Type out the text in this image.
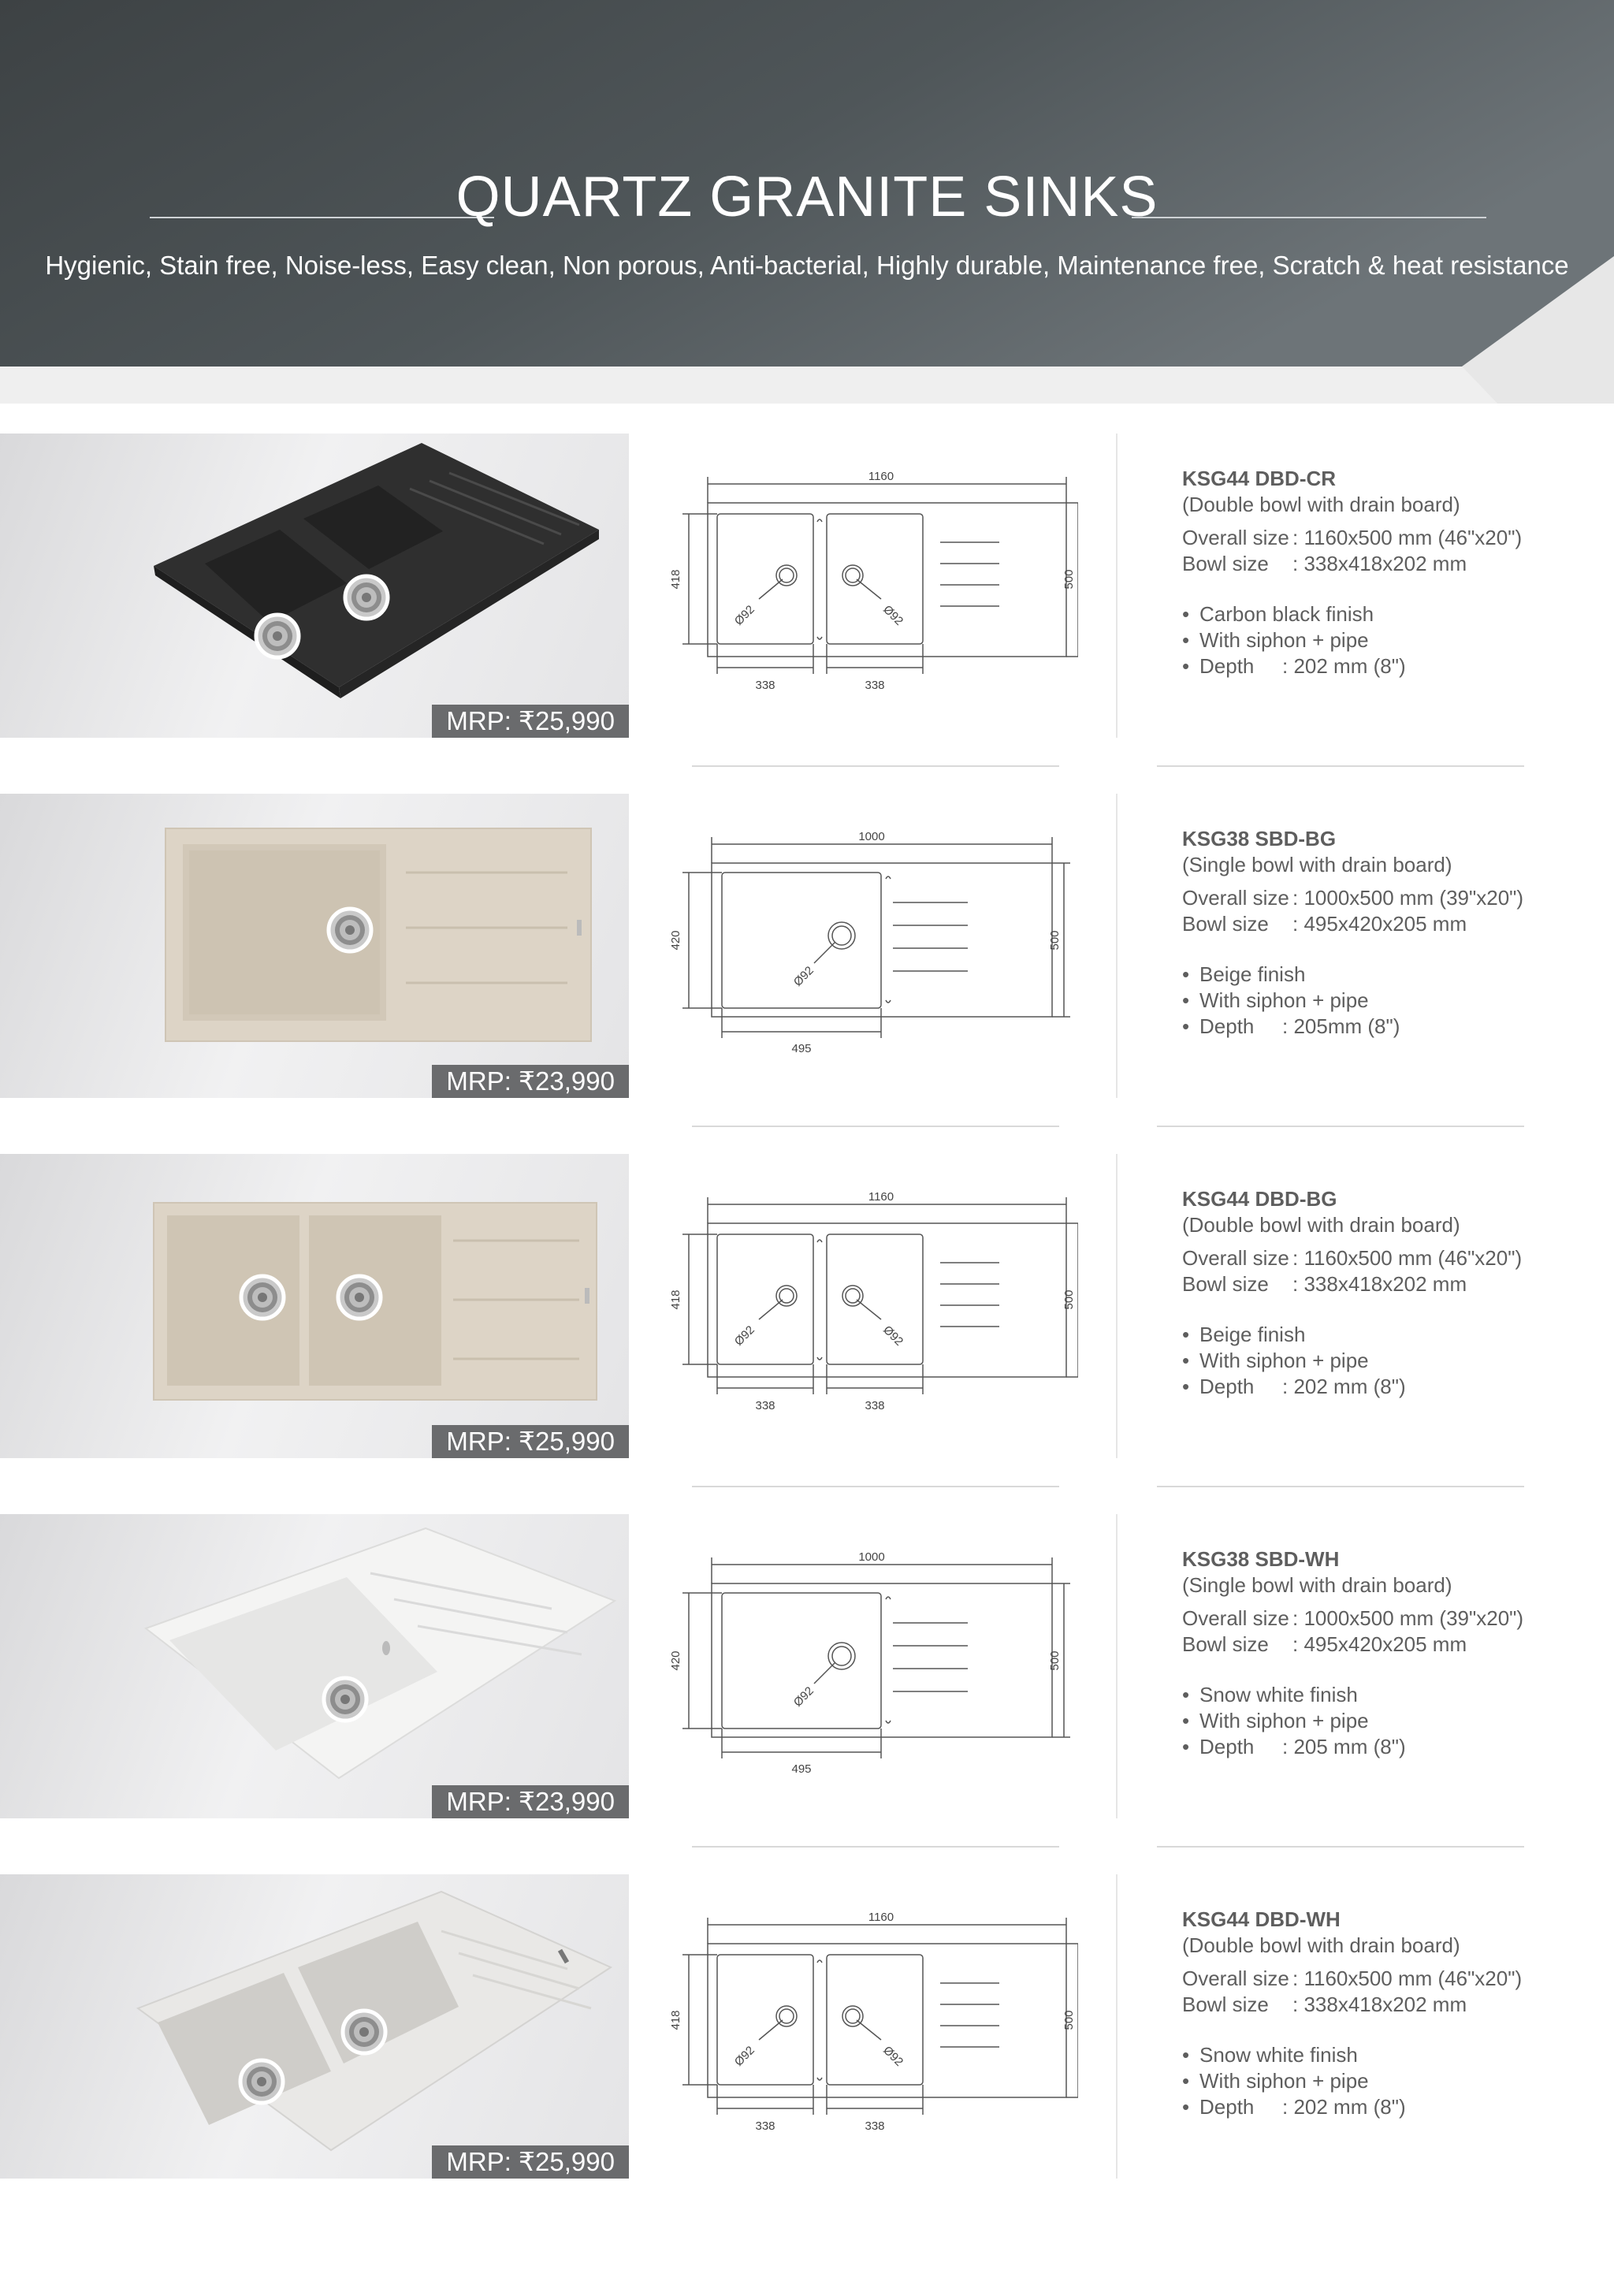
QUARTZ GRANITE SINKS
Hygienic, Stain free, Noise-less, Easy clean, Non porous, Anti-bacterial, Highly durable, Maintenance free, Scratch & heat resistance
MRP: ₹25,990
1160
418	500
338	338
Ø92	Ø92
KSG44 DBD-CR
(Double bowl with drain board)
Overall size : 1160x500 mm (46"x20")
Bowl size : 338x418x202 mm
• Carbon black finish
• With siphon + pipe
• Depth : 202 mm (8")
MRP: ₹23,990
1000
420	500
495
Ø92
KSG38 SBD-BG
(Single bowl with drain board)
Overall size : 1000x500 mm (39"x20")
Bowl size : 495x420x205 mm
• Beige finish
• With siphon + pipe
• Depth : 205mm (8")
MRP: ₹25,990
1160
418	500
338	338
Ø92	Ø92
KSG44 DBD-BG
(Double bowl with drain board)
Overall size : 1160x500 mm (46"x20")
Bowl size : 338x418x202 mm
• Beige finish
• With siphon + pipe
• Depth : 202 mm (8")
MRP: ₹23,990
1000
420	500
495
Ø92
KSG38 SBD-WH
(Single bowl with drain board)
Overall size : 1000x500 mm (39"x20")
Bowl size : 495x420x205 mm
• Snow white finish
• With siphon + pipe
• Depth : 205 mm (8")
MRP: ₹25,990
1160
418	500
338	338
Ø92	Ø92
KSG44 DBD-WH
(Double bowl with drain board)
Overall size : 1160x500 mm (46"x20")
Bowl size : 338x418x202 mm
• Snow white finish
• With siphon + pipe
• Depth : 202 mm (8")
